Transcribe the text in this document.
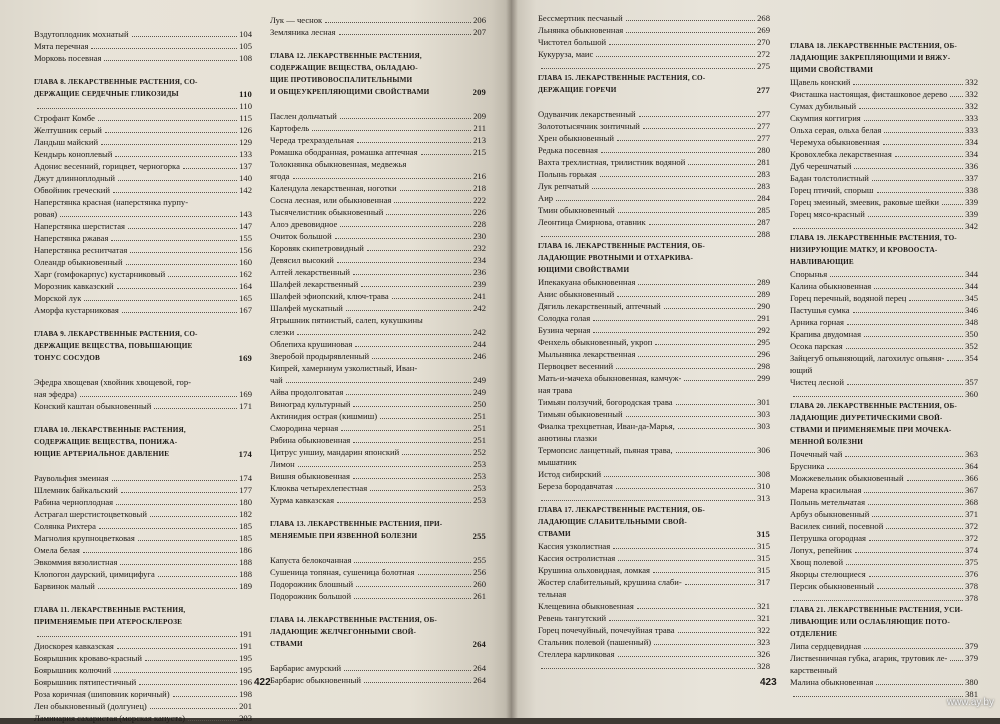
Вздутоплодник мохнатый	104
Мята перечная	105
Морковь посевная	108
ГЛАВА 8. ЛЕКАРСТВЕННЫЕ РАСТЕНИЯ, СО-
ДЕРЖАЩИЕ СЕРДЕЧНЫЕ ГЛИКОЗИДЫ	110
110
Строфант Комбе	115
Желтушник серый	126
Ландыш майский	129
Кендырь коноплевый	133
Адонис весенний, горицвет, черногорка	137
Джут длинноплодный	140
Обвойник греческий	142
Наперстянка красная (наперстянка пурпу-
ровая)	143
Наперстянка шерстистая	147
Наперстянка ржавая	155
Наперстянка реснитчатая	156
Олеандр обыкновенный	160
Харг (гомфокарпус) кустарниковый	162
Морозник кавказский	164
Морской лук	165
Аморфа кустарниковая	167
ГЛАВА 9. ЛЕКАРСТВЕННЫЕ РАСТЕНИЯ, СО-
ДЕРЖАЩИЕ ВЕЩЕСТВА, ПОВЫШАЮЩИЕ
ТОНУС СОСУДОВ	169
Эфедра хвощевая (хвойник хвощевой, гор-
ная эфедра)	169
Конский каштан обыкновенный	171
ГЛАВА 10. ЛЕКАРСТВЕННЫЕ РАСТЕНИЯ,
СОДЕРЖАЩИЕ ВЕЩЕСТВА, ПОНИЖА-
ЮЩИЕ АРТЕРИАЛЬНОЕ ДАВЛЕНИЕ	174
Раувольфия змеиная	174
Шлемник байкальский	177
Рабина черноплодная	180
Астрагал шерстистоцветковый	182
Солянка Рихтера	185
Магнолия крупноцветковая	185
Омела белая	186
Эвкоммия вязолистная	188
Клопогон даурский, цимицифуга	188
Барвинок малый	189
ГЛАВА 11. ЛЕКАРСТВЕННЫЕ РАСТЕНИЯ,
ПРИМЕНЯЕМЫЕ ПРИ АТЕРОСКЛЕРОЗЕ
191
Диоскорея кавказская	191
Боярышник кроваво-красный	195
Боярышник колючий	195
Боярышник пятипестичный	196
Роза коричная (шиповник коричный)	198
Лен обыкновенный (долгунец)	201
Ламинария сахаристая (морская капуста)	203
Лук — чеснок	206
Земляника лесная	207
ГЛАВА 12. ЛЕКАРСТВЕННЫЕ РАСТЕНИЯ,
СОДЕРЖАЩИЕ ВЕЩЕСТВА, ОБЛАДАЮ-
ЩИЕ ПРОТИВОВОСПАЛИТЕЛЬНЫМИ
И ОБЩЕУКРЕПЛЯЮЩИМИ СВОЙСТВАМИ	209
Паслен дольчатый	209
Картофель	211
Череда трехраздельная	213
Ромашка ободранная, ромашка аптечная	215
Толокнянка обыкновенная, медвежья
ягода	216
Календула лекарственная, ноготки	218
Сосна лесная, или обыкновенная	222
Тысячелистник обыкновенный	226
Алоэ древовидное	228
Очиток большой	230
Коровяк скипетровидный	232
Девясил высокий	234
Алтей лекарственный	236
Шалфей лекарственный	239
Шалфей эфиопский, ключ-трава	241
Шалфей мускатный	242
Ятрышник пятнистый, салеп, кукушкины
слезки	242
Облепиха крушиновая	244
Зверобой продырявленный	246
Кипрей, хамерниум узколистный, Иван-
чай	249
Айва продолговатая	249
Виноград культурный	250
Актинидия острая (кишмиш)	251
Смородина черная	251
Рябина обыкновенная	251
Цитрус уншиу, мандарин японский	252
Лимон	253
Вишня обыкновенная	253
Клюква четырехлепестная	253
Хурма кавказская	253
ГЛАВА 13. ЛЕКАРСТВЕННЫЕ РАСТЕНИЯ, ПРИ-
МЕНЯЕМЫЕ ПРИ ЯЗВЕННОЙ БОЛЕЗНИ	255
Капуста белокочанная	255
Сушеница топяная, сушеница болотная	256
Подорожник блошный	260
Подорожник большой	261
ГЛАВА 14. ЛЕКАРСТВЕННЫЕ РАСТЕНИЯ, ОБ-
ЛАДАЮЩИЕ ЖЕЛЧЕГОННЫМИ СВОЙ-
СТВАМИ	264
Барбарис амурский	264
Барбарис обыкновенный	264
Бессмертник песчаный	268
Льнянка обыкновенная	269
Чистотел большой	270
Кукуруза, маис	272
275
ГЛАВА 15. ЛЕКАРСТВЕННЫЕ РАСТЕНИЯ, СО-
ДЕРЖАЩИЕ ГОРЕЧИ	277
Одуванчик лекарственный	277
Золототысячник зонтичный	277
Хрен обыкновенный	277
Редька посевная	280
Вахта трехлистная, трилистник водяной	281
Полынь горькая	283
Лук репчатый	283
Аир	284
Тмин обыкновенный	285
Леонтица Смирнова, отавник	287
288
ГЛАВА 16. ЛЕКАРСТВЕННЫЕ РАСТЕНИЯ, ОБ-
ЛАДАЮЩИЕ РВОТНЫМИ И ОТХАРКИВА-
ЮЩИМИ СВОЙСТВАМИ
Ипекакуана обыкновенная	289
Анис обыкновенный	289
Дягиль лекарственный, аптечный	290
Солодка голая	291
Бузина черная	292
Фенхель обыкновенный, укроп	295
Мыльнянка лекарственная	296
Первоцвет весенний	298
Мать-и-мачеха обыкновенная, камчуж-	299
ная трава
Тимьян ползучий, богородская трава	301
Тимьян обыкновенный	303
Фиалка трехцветная, Иван-да-Марья,	303
анютины глазки
Термопсис ланцетный, пьяная трава,	306
мышатник
Истод сибирский	308
Береза бородавчатая	310
313
ГЛАВА 17. ЛЕКАРСТВЕННЫЕ РАСТЕНИЯ, ОБ-
ЛАДАЮЩИЕ СЛАБИТЕЛЬНЫМИ СВОЙ-
СТВАМИ	315
Кассия узколистная	315
Кассия остролистная	315
Крушина ольховидная, ломкая	315
Жостер слабительный, крушина слаби-	317
тельная
Клещевина обыкновенная	321
Ревень тангутский	321
Горец почечуйный, почечуйная трава	322
Стальник полевой (пашенный)	323
Стеллера карликовая	326
328
ГЛАВА 18. ЛЕКАРСТВЕННЫЕ РАСТЕНИЯ, ОБ-
ЛАДАЮЩИЕ ЗАКРЕПЛЯЮЩИМИ И ВЯЖУ-
ЩИМИ СВОЙСТВАМИ
Щавель конский	332
Фисташка настоящая, фисташковое дерево 332
Сумах дубильный	332
Скумпия коггигрия	333
Ольха серая, ольха белая	333
Черемуха обыкновенная	334
Кровохлебка лекарственная	334
Дуб черешчатый	336
Бадан толстолистный	337
Горец птичий, спорыш	338
Горец змеиный, змеевик, раковые шейки	339
Горец мясо-красный	339
342
ГЛАВА 19. ЛЕКАРСТВЕННЫЕ РАСТЕНИЯ, ТО-
НИЗИРУЮЩИЕ МАТКУ, И КРОВООСТА-
НАВЛИВАЮЩИЕ
Спорынья	344
Калина обыкновенная	344
Горец перечный, водяной перец	345
Пастушья сумка	346
Арника горная	348
Крапива двудомная	350
Осока парская	352
Зайцегуб опьяняющий, лагохилус опьяня- 354
ющий
Чистец лесной	357
360
ГЛАВА 20. ЛЕКАРСТВЕННЫЕ РАСТЕНИЯ, ОБ-
ЛАДАЮЩИЕ ДИУРЕТИЧЕСКИМИ СВОЙ-
СТВАМИ И ПРИМЕНЯЕМЫЕ ПРИ МОЧЕКА-
МЕННОЙ БОЛЕЗНИ
Почечный чай	363
Брусника	364
Можжевельник обыкновенный	366
Марена красильная	367
Полынь метельчатая	368
Арбуз обыкновенный	371
Василек синий, посевной	372
Петрушка огородная	372
Лопух, репейник	374
Хвощ полевой	375
Якорцы стелющиеся	376
Персик обыкновенный	378
378
ГЛАВА 21. ЛЕКАРСТВЕННЫЕ РАСТЕНИЯ, УСИ-
ЛИВАЮЩИЕ ИЛИ ОСЛАБЛЯЮЩИЕ ПОТО-
ОТДЕЛЕНИЕ
Липа сердцевидная	379
Лиственничная губка, агарик, трутовик ле- 379
карственный
Малина обыкновенная	380
381
422	423
www.ay.by
